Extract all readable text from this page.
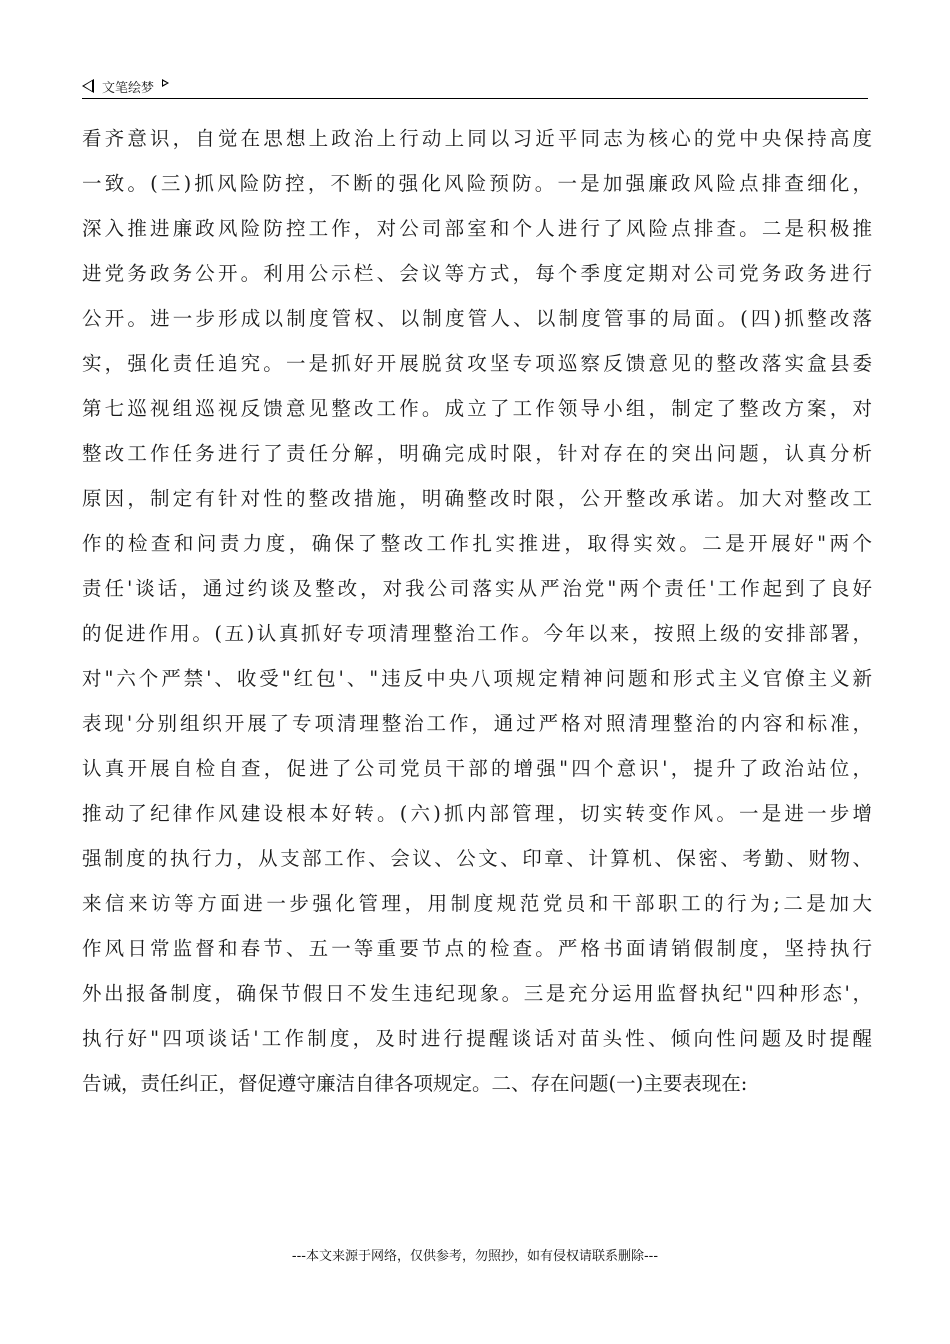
文笔绘梦
看齐意识，自觉在思想上政治上行动上同以习近平同志为核心的党中央保持高度
一致。(三)抓风险防控，不断的强化风险预防。一是加强廉政风险点排查细化，
深入推进廉政风险防控工作，对公司部室和个人进行了风险点排查。二是积极推
进党务政务公开。利用公示栏、会议等方式，每个季度定期对公司党务政务进行
公开。进一步形成以制度管权、以制度管人、以制度管事的局面。(四)抓整改落
实，强化责任追究。一是抓好开展脱贫攻坚专项巡察反馈意见的整改落实盒县委
第七巡视组巡视反馈意见整改工作。成立了工作领导小组，制定了整改方案，对
整改工作任务进行了责任分解，明确完成时限，针对存在的突出问题，认真分析
原因，制定有针对性的整改措施，明确整改时限，公开整改承诺。加大对整改工
作的检查和问责力度，确保了整改工作扎实推进，取得实效。二是开展好"两个
责任'谈话，通过约谈及整改，对我公司落实从严治党"两个责任'工作起到了良好
的促进作用。(五)认真抓好专项清理整治工作。今年以来，按照上级的安排部署，
对"六个严禁'、收受"红包'、"违反中央八项规定精神问题和形式主义官僚主义新
表现'分别组织开展了专项清理整治工作，通过严格对照清理整治的内容和标准，
认真开展自检自查，促进了公司党员干部的增强"四个意识'，提升了政治站位，
推动了纪律作风建设根本好转。(六)抓内部管理，切实转变作风。一是进一步增
强制度的执行力，从支部工作、会议、公文、印章、计算机、保密、考勤、财物、
来信来访等方面进一步强化管理，用制度规范党员和干部职工的行为;二是加大
作风日常监督和春节、五一等重要节点的检查。严格书面请销假制度，坚持执行
外出报备制度，确保节假日不发生违纪现象。三是充分运用监督执纪"四种形态'，
执行好"四项谈话'工作制度，及时进行提醒谈话对苗头性、倾向性问题及时提醒
告诫，责任纠正，督促遵守廉洁自律各项规定。二、存在问题(一)主要表现在:
---本文来源于网络，仅供参考，勿照抄，如有侵权请联系删除---
